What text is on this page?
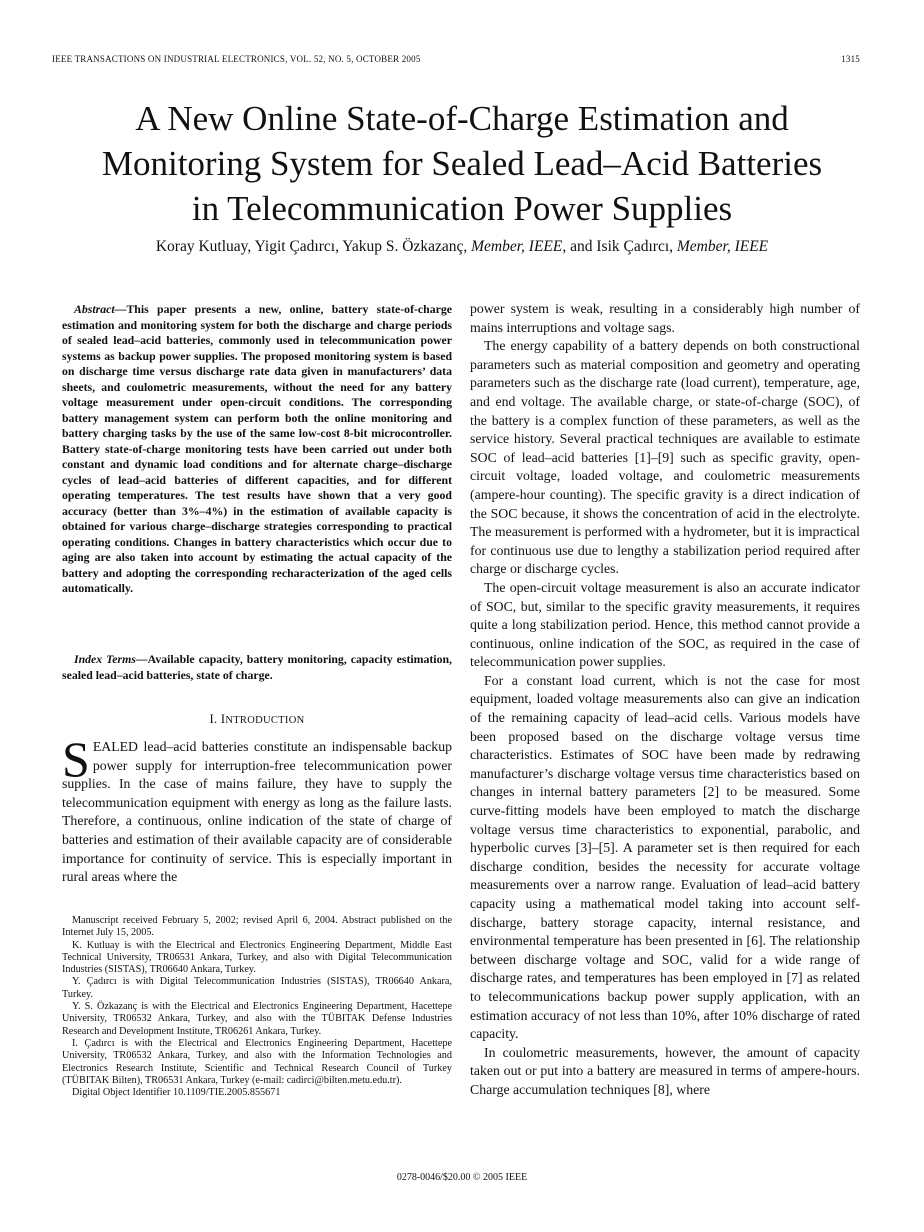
IEEE TRANSACTIONS ON INDUSTRIAL ELECTRONICS, VOL. 52, NO. 5, OCTOBER 2005	1315
A New Online State-of-Charge Estimation and
Monitoring System for Sealed Lead–Acid Batteries
in Telecommunication Power Supplies
Koray Kutluay, Yigit Çadırcı, Yakup S. Özkazanç, Member, IEEE, and Isik Çadırcı, Member, IEEE

Abstract—This paper presents a new, online, battery state-of-charge estimation and monitoring system for both the discharge and charge periods of sealed lead–acid batteries, commonly used in telecommunication power systems as backup power supplies. The proposed monitoring system is based on discharge time versus discharge rate data given in manufacturers’ data sheets, and coulometric measurements, without the need for any battery voltage measurement under open-circuit conditions. The corresponding battery management system can perform both the online monitoring and battery charging tasks by the use of the same low-cost 8-bit microcontroller. Battery state-of-charge monitoring tests have been carried out under both constant and dynamic load conditions and for alternate charge–discharge cycles of lead–acid batteries of different capacities, and for different operating temperatures. The test results have shown that a very good accuracy (better than 3%–4%) in the estimation of available capacity is obtained for various charge–discharge strategies corresponding to practical operating conditions. Changes in battery characteristics which occur due to aging are also taken into account by estimating the actual capacity of the battery and adopting the corresponding recharacterization of the aged cells automatically.

Index Terms—Available capacity, battery monitoring, capacity estimation, sealed lead–acid batteries, state of charge.

I. INTRODUCTION

SEALED lead–acid batteries constitute an indispensable backup power supply for interruption-free telecommunication power supplies. In the case of mains failure, they have to supply the telecommunication equipment with energy as long as the failure lasts. Therefore, a continuous, online indication of the state of charge of batteries and estimation of their available capacity are of considerable importance for continuity of service. This is especially important in rural areas where the

Manuscript received February 5, 2002; revised April 6, 2004. Abstract published on the Internet July 15, 2005.

K. Kutluay is with the Electrical and Electronics Engineering Department, Middle East Technical University, TR06531 Ankara, Turkey, and also with Digital Telecommunication Industries (SISTAS), TR06640 Ankara, Turkey.

Y. Çadırcı is with Digital Telecommunication Industries (SISTAS), TR06640 Ankara, Turkey.

Y. S. Özkazanç is with the Electrical and Electronics Engineering Department, Hacettepe University, TR06532 Ankara, Turkey, and also with the TÜBITAK Defense Industries Research and Development Institute, TR06261 Ankara, Turkey.

I. Çadırcı is with the Electrical and Electronics Engineering Department, Hacettepe University, TR06532 Ankara, Turkey, and also with the Information Technologies and Electronics Research Institute, Scientific and Technical Research Council of Turkey (TÜBITAK Bilten), TR06531 Ankara, Turkey (e-mail: cadirci@bilten.metu.edu.tr).

Digital Object Identifier 10.1109/TIE.2005.855671

power system is weak, resulting in a considerably high number of mains interruptions and voltage sags.

The energy capability of a battery depends on both constructional parameters such as material composition and geometry and operating parameters such as the discharge rate (load current), temperature, age, and end voltage. The available charge, or state-of-charge (SOC), of the battery is a complex function of these parameters, as well as the service history. Several practical techniques are available to estimate SOC of lead–acid batteries [1]–[9] such as specific gravity, open-circuit voltage, loaded voltage, and coulometric measurements (ampere-hour counting). The specific gravity is a direct indication of the SOC because, it shows the concentration of acid in the electrolyte. The measurement is performed with a hydrometer, but it is impractical for continuous use due to lengthy a stabilization period required after charge or discharge cycles.

The open-circuit voltage measurement is also an accurate indicator of SOC, but, similar to the specific gravity measurements, it requires quite a long stabilization period. Hence, this method cannot provide a continuous, online indication of the SOC, as required in the case of telecommunication power supplies.

For a constant load current, which is not the case for most equipment, loaded voltage measurements also can give an indication of the remaining capacity of lead–acid cells. Various models have been proposed based on the discharge voltage versus time characteristics. Estimates of SOC have been made by redrawing manufacturer’s discharge voltage versus time characteristics based on changes in internal battery parameters [2] to be measured. Some curve-fitting models have been employed to match the discharge voltage versus time characteristics to exponential, parabolic, and hyperbolic curves [3]–[5]. A parameter set is then required for each discharge condition, besides the necessity for accurate voltage measurements over a narrow range. Evaluation of lead–acid battery capacity using a mathematical model taking into account self-discharge, battery storage capacity, internal resistance, and environmental temperature has been presented in [6]. The relationship between discharge voltage and SOC, valid for a wide range of discharge rates, and temperatures has been employed in [7] as related to telecommunications backup power supply application, with an estimation accuracy of not less than 10%, after 10% discharge of rated capacity.

In coulometric measurements, however, the amount of capacity taken out or put into a battery are measured in terms of ampere-hours. Charge accumulation techniques [8], where

0278-0046/$20.00 © 2005 IEEE
